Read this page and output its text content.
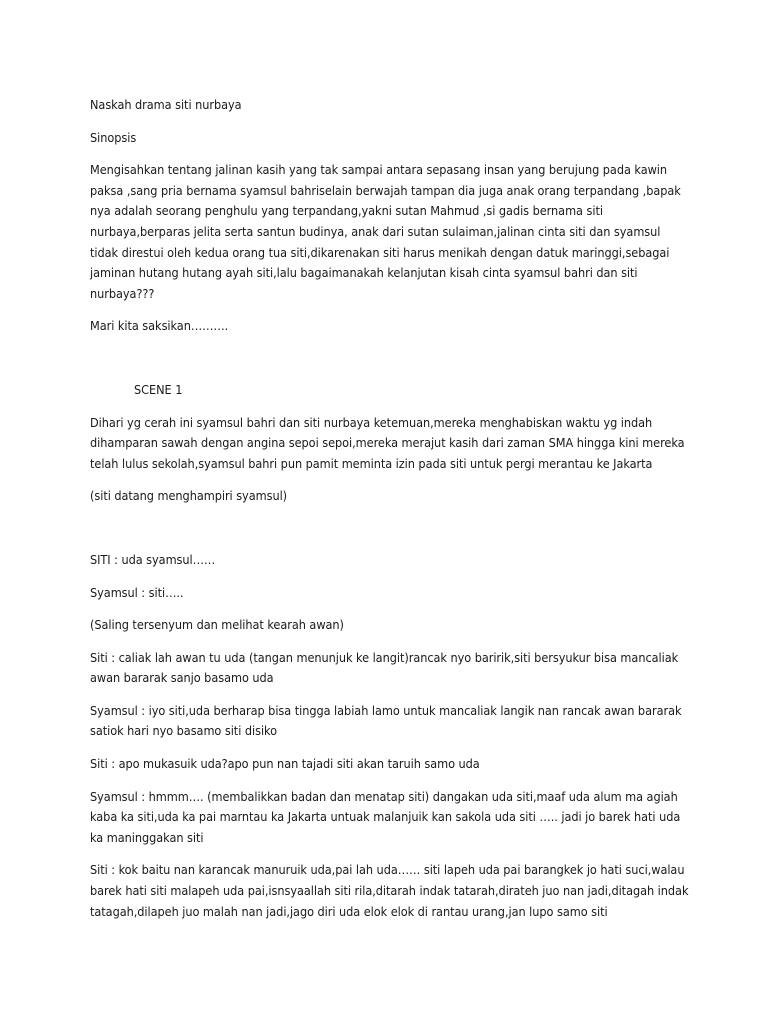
Naskah drama siti nurbaya

Sinopsis

Mengisahkan tentang jalinan kasih yang tak sampai antara sepasang insan yang berujung pada kawin paksa ,sang pria bernama syamsul bahriselain berwajah tampan dia juga anak orang terpandang ,bapak nya adalah seorang penghulu yang terpandang,yakni sutan Mahmud ,si gadis bernama siti nurbaya,berparas jelita serta santun budinya, anak dari sutan sulaiman,jalinan cinta siti dan syamsul tidak direstui oleh kedua orang tua siti,dikarenakan siti harus menikah dengan datuk maringgi,sebagai jaminan hutang hutang ayah siti,lalu bagaimanakah kelanjutan kisah cinta syamsul bahri dan siti nurbaya???

Mari kita saksikan……….

SCENE 1

Dihari yg cerah ini syamsul bahri dan siti nurbaya ketemuan,mereka menghabiskan waktu yg indah dihamparan sawah dengan angina sepoi sepoi,mereka merajut kasih dari zaman SMA hingga kini mereka telah lulus sekolah,syamsul bahri pun pamit meminta izin pada siti untuk pergi merantau ke Jakarta

(siti datang menghampiri syamsul)

SITI : uda syamsul……

Syamsul : siti…..

(Saling tersenyum dan melihat kearah awan)

Siti : caliak lah awan tu uda (tangan menunjuk ke langit)rancak nyo baririk,siti bersyukur bisa mancaliak awan bararak sanjo basamo uda

Syamsul : iyo siti,uda berharap bisa tingga labiah lamo untuk mancaliak langik nan rancak awan bararak satiok hari nyo basamo siti disiko

Siti : apo mukasuik uda?apo pun nan tajadi siti akan taruih samo uda

Syamsul : hmmm…. (membalikkan badan dan menatap siti) dangakan uda siti,maaf uda alum ma agiah kaba ka siti,uda ka pai marntau ka Jakarta untuak malanjuik kan sakola uda siti ….. jadi jo barek hati uda ka maninggakan siti

Siti : kok baitu nan karancak manuruik uda,pai lah uda…… siti lapeh uda pai barangkek jo hati suci,walau barek hati siti malapeh uda pai,isnsyaallah siti rila,ditarah indak tatarah,dirateh juo nan jadi,ditagah indak tatagah,dilapeh juo malah nan jadi,jago diri uda elok elok di rantau urang,jan lupo samo siti
